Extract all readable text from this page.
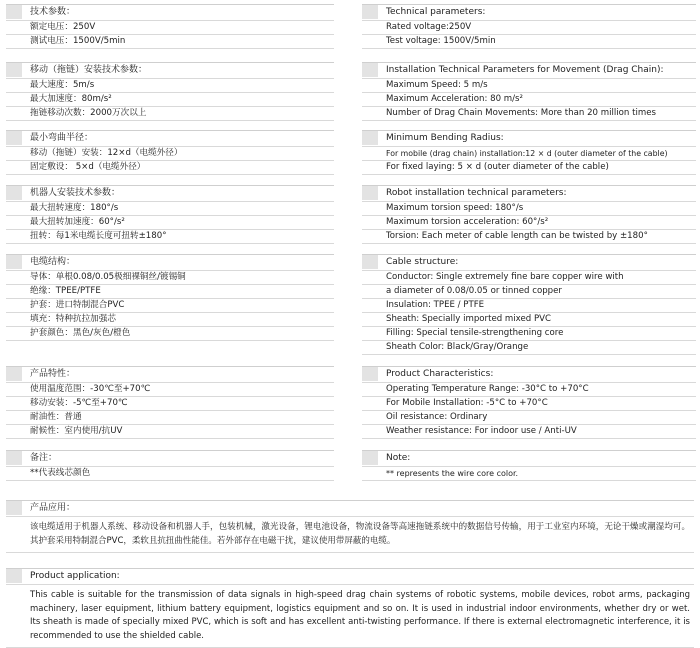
技术参数：
额定电压：250V
测试电压：1500V/5min
移动（拖链）安装技术参数：
最大速度：5m/s
最大加速度：80m/s²
拖链移动次数：2000万次以上
最小弯曲半径：
移动（拖链）安装：12×d（电缆外径）
固定敷设： 5×d（电缆外径）
机器人安装技术参数：
最大扭转速度：180°/s
最大扭转加速度：60°/s²
扭转：每1米电缆长度可扭转±180°
电缆结构：
导体：单根0.08/0.05极细裸铜丝/镀锡铜
绝缘：TPEE/PTFE
护套：进口特制混合PVC
填充：特种抗拉加强芯
护套颜色：黑色/灰色/橙色
产品特性：
使用温度范围：-30℃至+70℃
移动安装：-5℃至+70℃
耐油性：普通
耐候性：室内使用/抗UV
备注：
**代表线芯颜色
Technical parameters:
Rated voltage:250V
Test voltage: 1500V/5min
Installation Technical Parameters for Movement (Drag Chain):
Maximum Speed: 5 m/s
Maximum Acceleration: 80 m/s²
Number of Drag Chain Movements: More than 20 million times
Minimum Bending Radius:
For mobile (drag chain) installation:12 × d (outer diameter of the cable)
For fixed laying: 5 × d (outer diameter of the cable)
Robot installation technical parameters:
Maximum torsion speed: 180°/s
Maximum torsion acceleration: 60°/s²
Torsion: Each meter of cable length can be twisted by ±180°
Cable structure:
Conductor: Single extremely fine bare copper wire with
a diameter of 0.08/0.05 or tinned copper
Insulation: TPEE / PTFE
Sheath: Specially imported mixed PVC
Filling: Special tensile-strengthening core
Sheath Color: Black/Gray/Orange
Product Characteristics:
Operating Temperature Range: -30°C to +70°C
For Mobile Installation: -5°C to +70°C
Oil resistance: Ordinary
Weather resistance: For indoor use / Anti-UV
Note:
** represents the wire core color.
产品应用：
该电缆适用于机器人系统、移动设备和机器人手，包装机械，激光设备，锂电池设备，物流设备等高速拖链系统中的数据信号传输，用于工业室内环境，无论干燥或潮湿均可。其护套采用特制混合PVC，柔软且抗扭曲性能佳。若外部存在电磁干扰，建议使用带屏蔽的电缆。
Product application:
This cable is suitable for the transmission of data signals in high-speed drag chain systems of robotic systems, mobile devices, robot arms, packaging machinery, laser equipment, lithium battery equipment, logistics equipment and so on. It is used in industrial indoor environments, whether dry or wet. Its sheath is made of specially mixed PVC, which is soft and has excellent anti-twisting performance. If there is external electromagnetic interference, it is recommended to use the shielded cable.
